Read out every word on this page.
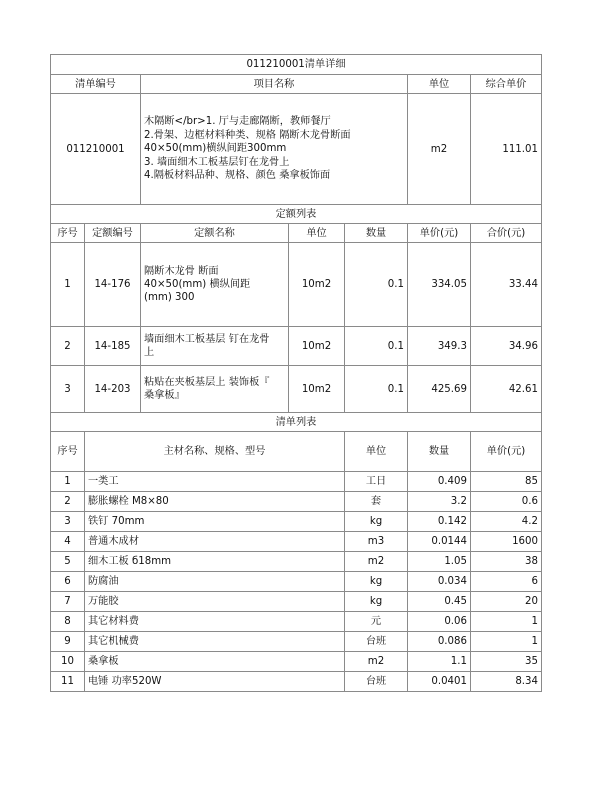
011210001清单详细							
清单编号		项目名称			单位	综合单价	
011210001		木隔断</br>1. 厅与走廊隔断，教师餐厅
2.骨架、边框材料种类、规格 隔断木龙骨断面
40×50(mm)横纵间距300mm
3. 墙面细木工板基层钉在龙骨上
4.隔板材料品种、规格、颜色 桑拿板饰面			m2	111.01	
定额列表							
序号	定额编号	定额名称	单位	数量	单价(元)	合价(元)	
1	14-176	隔断木龙骨 断面
40×50(mm) 横纵间距
(mm) 300	10m2	0.1	334.05	33.44	
2	14-185	墙面细木工板基层 钉在龙骨
上	10m2	0.1	349.3	34.96	
3	14-203	粘贴在夹板基层上 装饰板『
桑拿板』	10m2	0.1	425.69	42.61	
清单列表							
序号	主材名称、规格、型号			单位	数量	单价(元)	
1	一类工			工日	0.409	85	
2	膨胀螺栓 M8×80			套	3.2	0.6	
3	铁钉 70mm			kg	0.142	4.2	
4	普通木成材			m3	0.0144	1600	
5	细木工板 б18mm			m2	1.05	38	
6	防腐油			kg	0.034	6	
7	万能胶			kg	0.45	20	
8	其它材料费			元	0.06	1	
9	其它机械费			台班	0.086	1	
10	桑拿板			m2	1.1	35	
11	电锤 功率520W			台班	0.0401	8.34	
